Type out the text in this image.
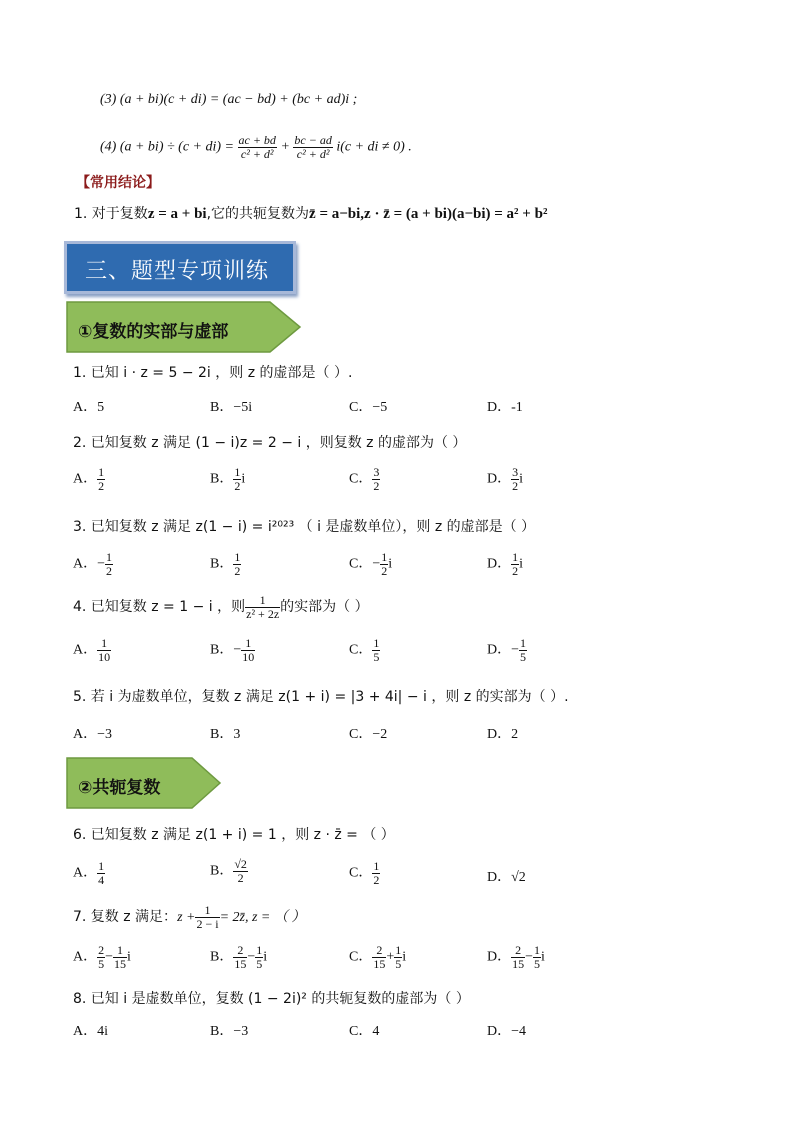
(3) (a + bi)(c + di) = (ac − bd) + (bc + ad)i ;
(4) $(a + bi) \div (c + di) = \frac{ac + bd}{\text{c² + d²}} + \frac{bc - ad}{\text{c² + d²}} i(c$ + di ≠ 0) .
【常用结论】
1. 对于复数z = a + bi,它的共轭复数为z̄ = a−bi,z · z̄ = (a + bi)(a−bi) = a² + b²
三、题型专项训练
①复数的实部与虚部
1. 已知 i · z = 5 − 2i ，则 z 的虚部是（ ）.
A．5	B．−5i	C．−5	D．-1
2. 已知复数 z 满足 (1 − i)z = 2 − i ，则复数 z 的虚部为（ ）
A． $\frac{1}{2}$	B． $\frac{1}{2}$ i	C． $\frac{3}{2}$	D． $\frac{3}{2}$ i
3. 已知复数 z 满足 z(1 − i) = i²⁰²³ （ i 是虚数单位），则 z 的虚部是（ ）
A．− $\frac{1}{2}$	B． $\frac{1}{2}$	C．− $\frac{1}{2}$ i	D． $\frac{1}{2}$ i
4. 已知复数 z = 1 − i ，则 $\frac{1}{\text{z² + 2z}}$ 的实部为（ ）
A． $\frac{1}{10}$	B．− $\frac{1}{10}$	C． $\frac{1}{5}$	D．− $\frac{1}{5}$
5. 若 i 为虚数单位，复数 z 满足 z(1 + i) = |3 + 4i| − i ，则 z 的实部为（ ）.
A．−3	B．3	C．−2	D．2
②共轭复数
6. 已知复数 z 满足 z(1 + i) = 1 ，则 z · z̄ = （ ）
A． $\frac{1}{4}$	B． $\frac{√2}{2}$	C． $\frac{1}{2}$	D．√2
7. 复数 z 满足：$z + \frac{1}{2 - i}$ = 2z̄, z = （ ）
A． $\frac{2}{5} - \frac{1}{15}$ i	B． $\frac{2}{15} - \frac{1}{5}$ i	C． $\frac{2}{15} + \frac{1}{5}$ i	D． $\frac{2}{15} - \frac{1}{5}$ i
8. 已知 i 是虚数单位，复数 (1 − 2i)² 的共轭复数的虚部为（ ）
A．4i	B．−3	C．4	D．−4
